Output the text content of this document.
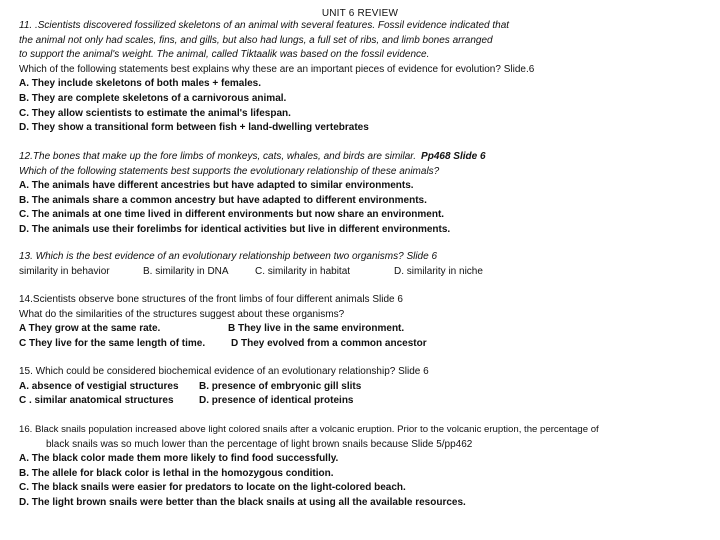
UNIT 6 REVIEW
11. .Scientists discovered fossilized skeletons of an animal with several features. Fossil evidence indicated that
the animal not only had scales, fins, and gills, but also had lungs, a full set of ribs, and limb bones arranged
to support the animal's weight. The animal, called Tiktaalik was based on the fossil evidence.
Which of the following statements best explains why these are an important pieces of evidence for evolution? Slide.6
A. They include skeletons of both males + females.
B. They are complete skeletons of a carnivorous animal.
C. They allow scientists to estimate the animal's lifespan.
D. They show a transitional form between fish + land-dwelling vertebrates
12.The bones that make up the fore limbs of monkeys, cats, whales, and birds are similar. Pp468 Slide 6
Which of the following statements best supports the evolutionary relationship of these animals?
A. The animals have different ancestries but have adapted to similar environments.
B. The animals share a common ancestry but have adapted to different environments.
C. The animals at one time lived in different environments but now share an environment.
D. The animals use their forelimbs for identical activities but live in different environments.
13. Which is the best evidence of an evolutionary relationship between two organisms? Slide 6
similarity in behavior	B. similarity in DNA	C. similarity in habitat	D. similarity in niche
14.Scientists observe bone structures of the front limbs of four different animals Slide 6
What do the similarities of the structures suggest about these organisms?
A They grow at the same rate.	B They live in the same environment.
C They live for the same length of time.	D They evolved from a common ancestor
15. Which could be considered biochemical evidence of an evolutionary relationship? Slide 6
A. absence of vestigial structures	B. presence of embryonic gill slits
C . similar anatomical structures	D. presence of identical proteins
16. Black snails population increased above light colored snails after a volcanic eruption. Prior to the volcanic eruption, the percentage of
black snails was so much lower than the percentage of light brown snails because Slide 5/pp462
A. The black color made them more likely to find food successfully.
B. The allele for black color is lethal in the homozygous condition.
C. The black snails were easier for predators to locate on the light-colored beach.
D. The light brown snails were better than the black snails at using all the available resources.
